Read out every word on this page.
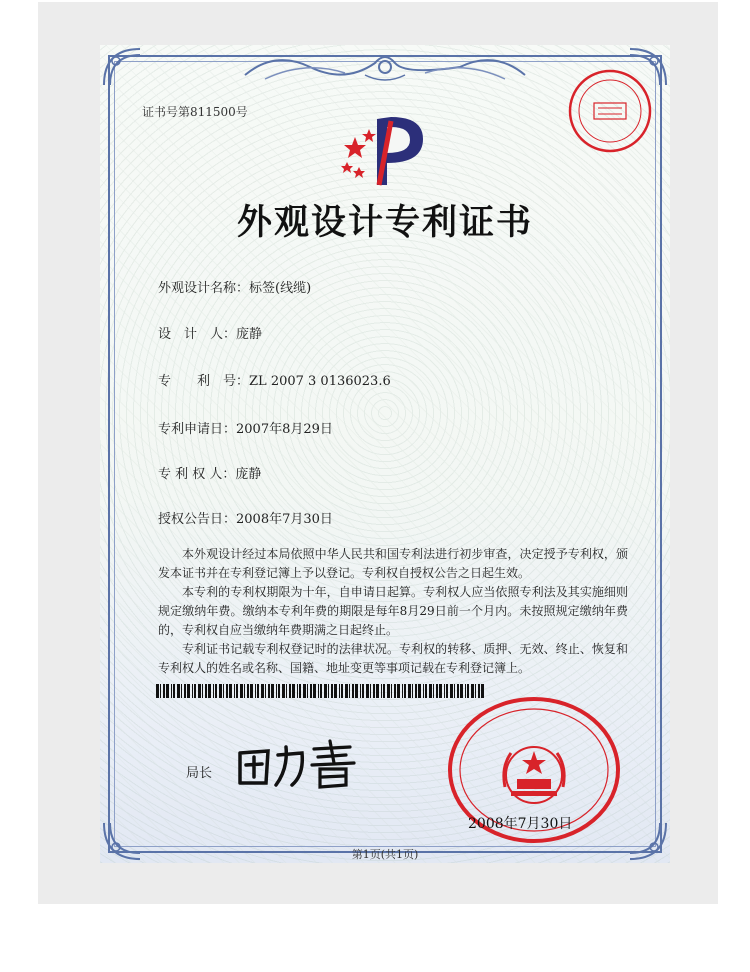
证书号第811500号
外观设计专利证书
外观设计名称：标签(线缆)
设　计　人：庞静
专　　利　号：ZL 2007 3 0136023.6
专利申请日：2007年8月29日
专 利 权 人：庞静
授权公告日：2008年7月30日

本外观设计经过本局依照中华人民共和国专利法进行初步审查，决定授予专利权，颁发本证书并在专利登记簿上予以登记。专利权自授权公告之日起生效。

本专利的专利权期限为十年，自申请日起算。专利权人应当依照专利法及其实施细则规定缴纳年费。缴纳本专利年费的期限是每年8月29日前一个月内。未按照规定缴纳年费的，专利权自应当缴纳年费期满之日起终止。

专利证书记载专利权登记时的法律状况。专利权的转移、质押、无效、终止、恢复和专利权人的姓名或名称、国籍、地址变更等事项记载在专利登记簿上。

局长
2008年7月30日
第1页(共1页)
